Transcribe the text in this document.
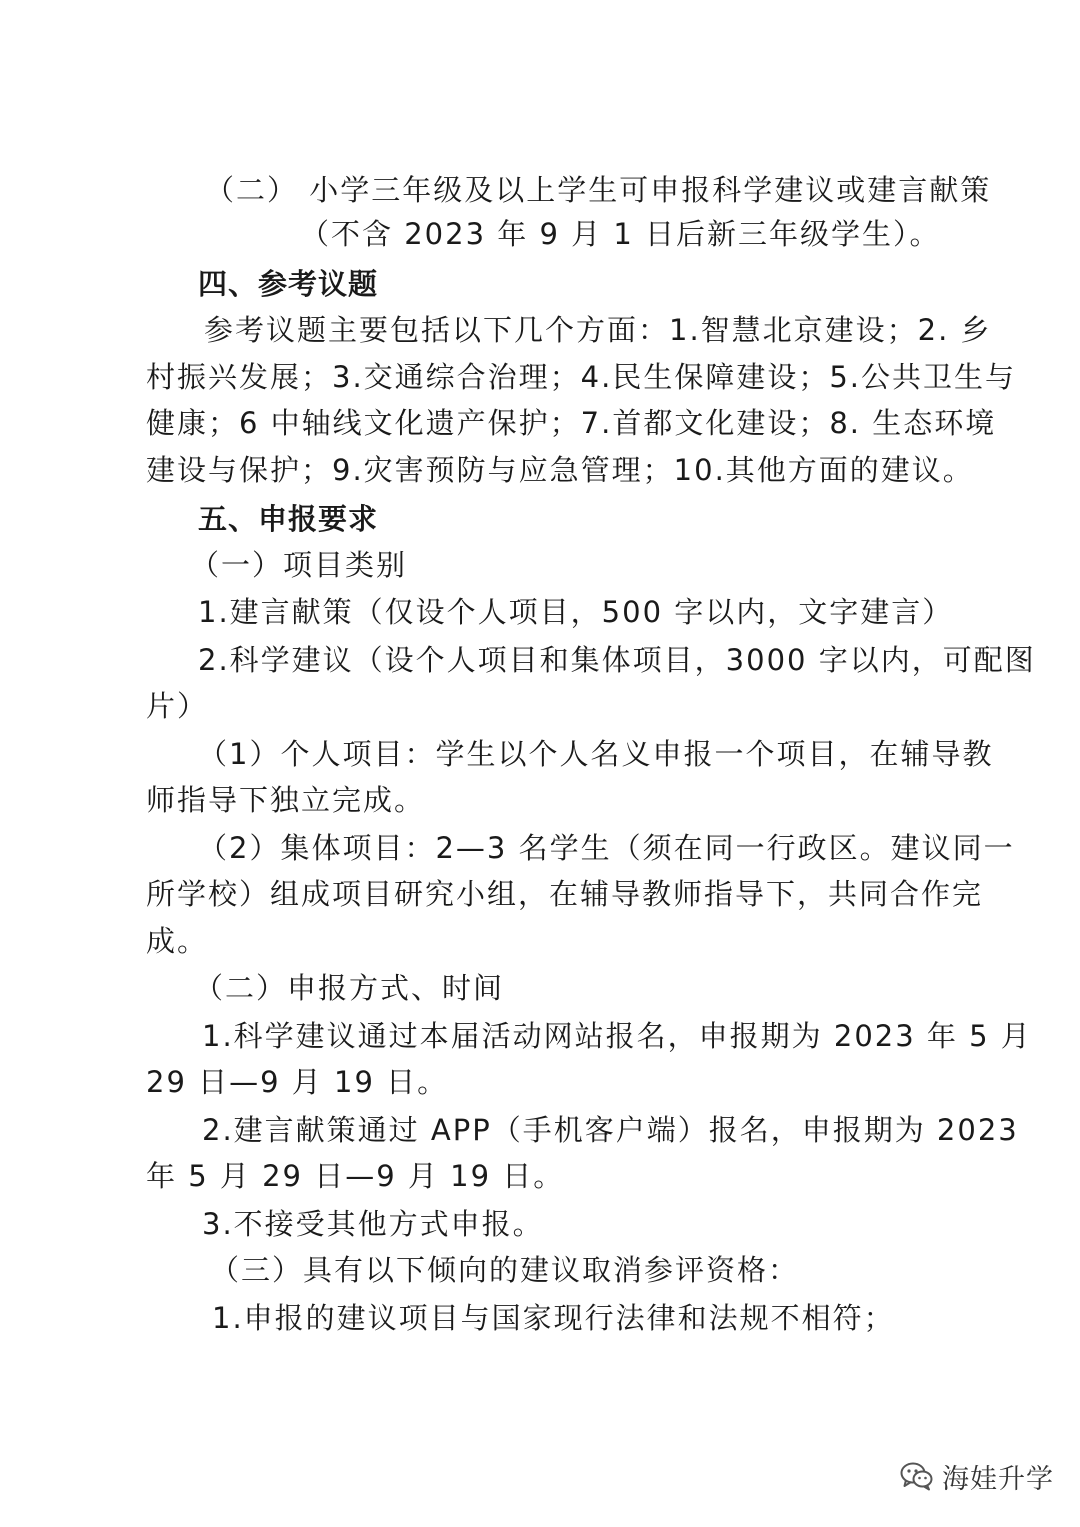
（二） 小学三年级及以上学生可申报科学建议或建言献策
（不含 2023 年 9 月 1 日后新三年级学生）。
四、参考议题
参考议题主要包括以下几个方面：1.智慧北京建设；2. 乡
村振兴发展；3.交通综合治理；4.民生保障建设；5.公共卫生与
健康；6 中轴线文化遗产保护；7.首都文化建设；8. 生态环境
建设与保护；9.灾害预防与应急管理；10.其他方面的建议。
五、申报要求
（一）项目类别
1.建言献策（仅设个人项目，500 字以内，文字建言）
2.科学建议（设个人项目和集体项目，3000 字以内，可配图
片）
（1）个人项目：学生以个人名义申报一个项目，在辅导教
师指导下独立完成。
（2）集体项目：2—3 名学生（须在同一行政区。建议同一
所学校）组成项目研究小组，在辅导教师指导下，共同合作完
成。
（二）申报方式、时间
1.科学建议通过本届活动网站报名，申报期为 2023 年 5 月
29 日—9 月 19 日。
2.建言献策通过 APP（手机客户端）报名，申报期为 2023
年 5 月 29 日—9 月 19 日。
3.不接受其他方式申报。
（三）具有以下倾向的建议取消参评资格：
1.申报的建议项目与国家现行法律和法规不相符；
海娃升学
